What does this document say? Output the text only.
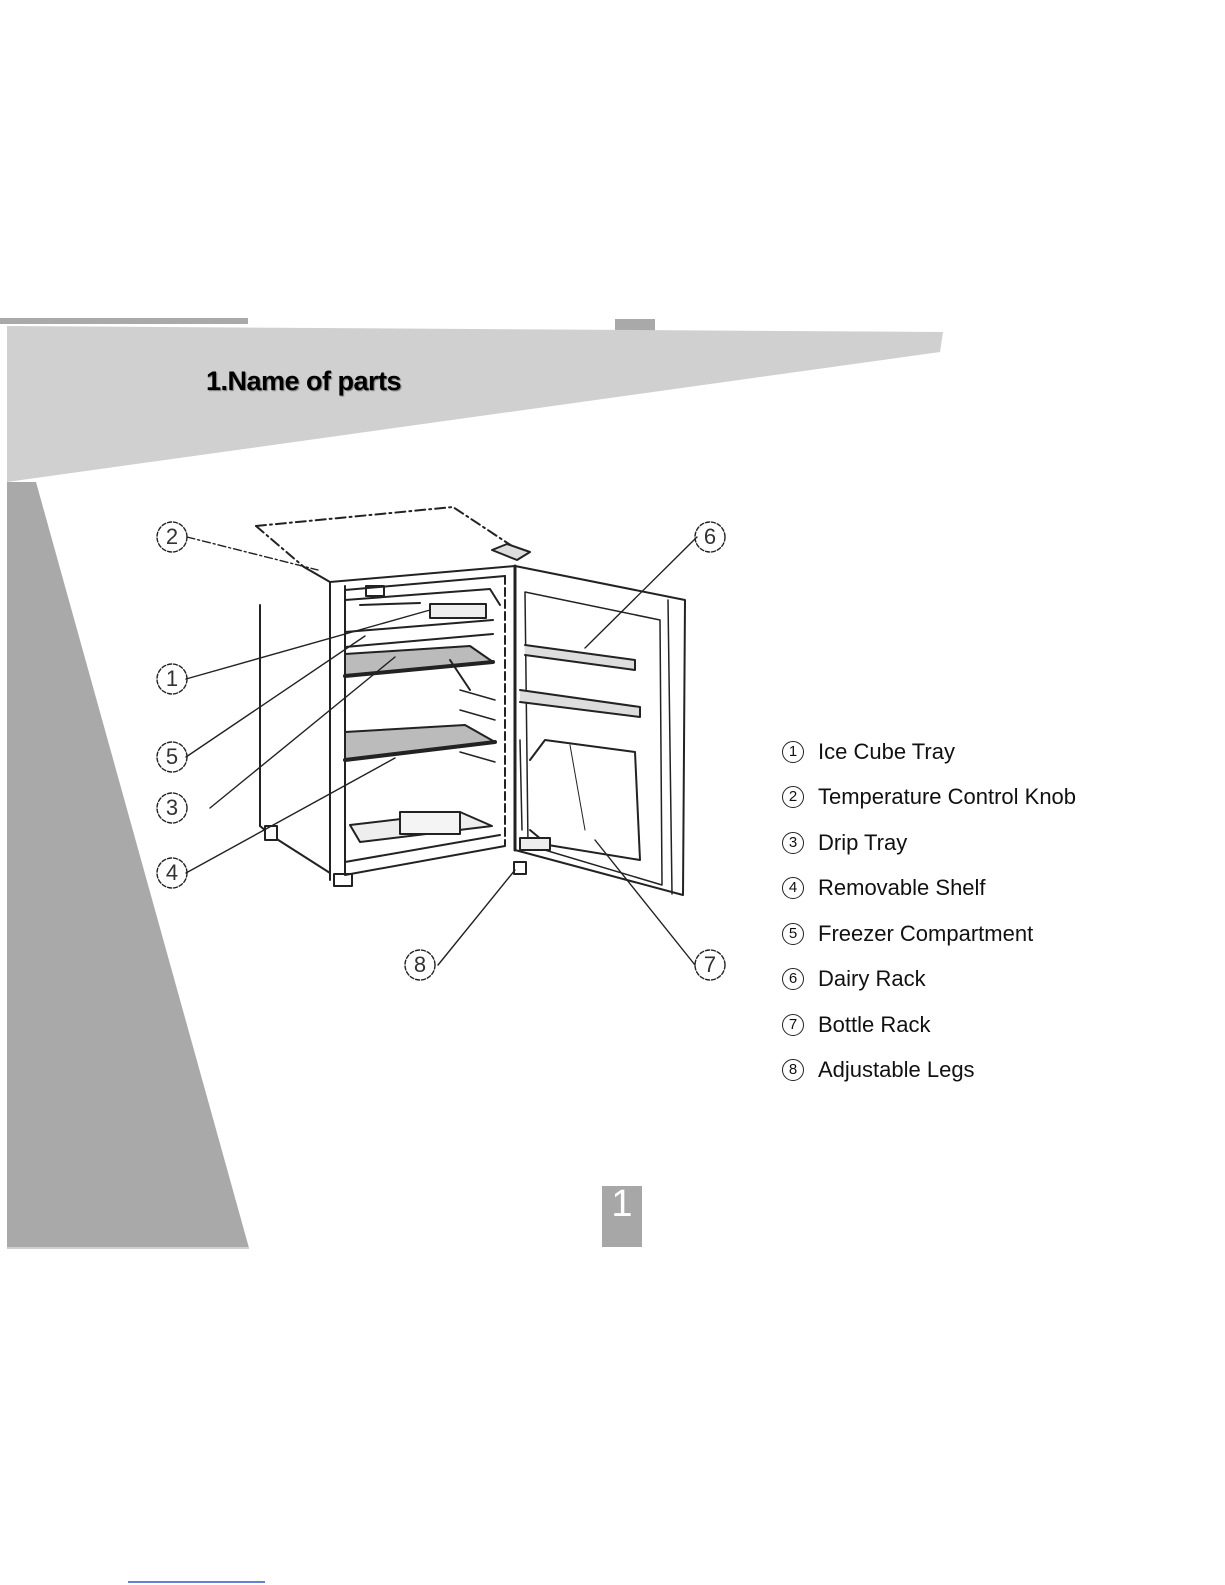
1.Name of parts
2
1
5
3
4
6
7
8
1 Ice Cube Tray
2 Temperature Control Knob
3 Drip Tray
4 Removable Shelf
5 Freezer Compartment
6 Dairy Rack
7 Bottle Rack
8 Adjustable Legs
1
